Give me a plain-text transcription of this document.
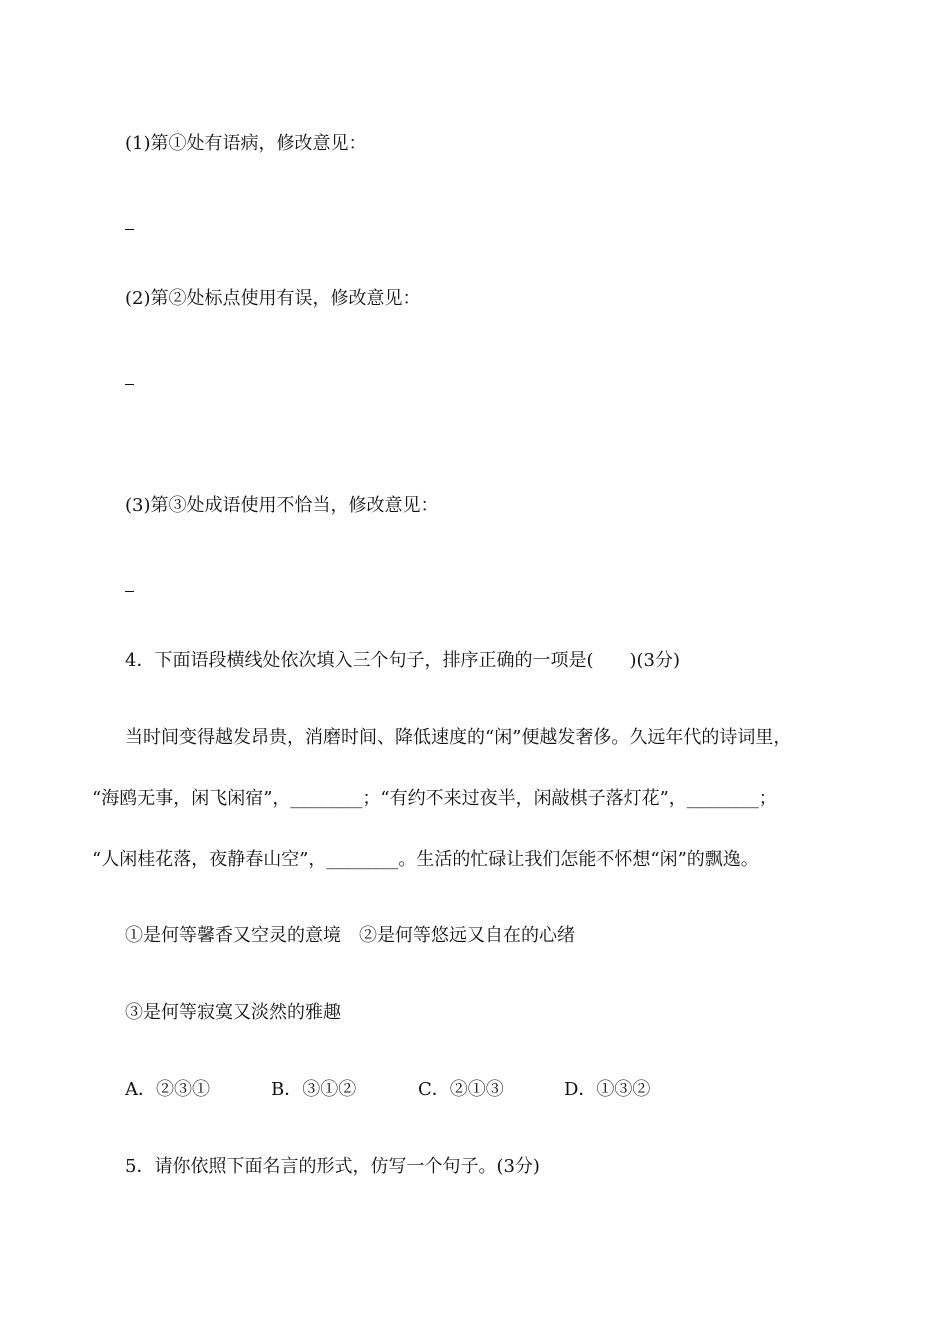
(1)第①处有语病，修改意见：
(2)第②处标点使用有误，修改意见：
(3)第③处成语使用不恰当，修改意见：
4．下面语段横线处依次填入三个句子，排序正确的一项是(　　)(3分)
当时间变得越发昂贵，消磨时间、降低速度的“闲”便越发奢侈。久远年代的诗词里，
“海鸥无事，闲飞闲宿”，________；“有约不来过夜半，闲敲棋子落灯花”，________；
“人闲桂花落，夜静春山空”，________。生活的忙碌让我们怎能不怀想“闲”的飘逸。
①是何等馨香又空灵的意境　②是何等悠远又自在的心绪
③是何等寂寞又淡然的雅趣
A．②③①	B．③①②	C．②①③	D．①③②
5．请你依照下面名言的形式，仿写一个句子。(3分)
